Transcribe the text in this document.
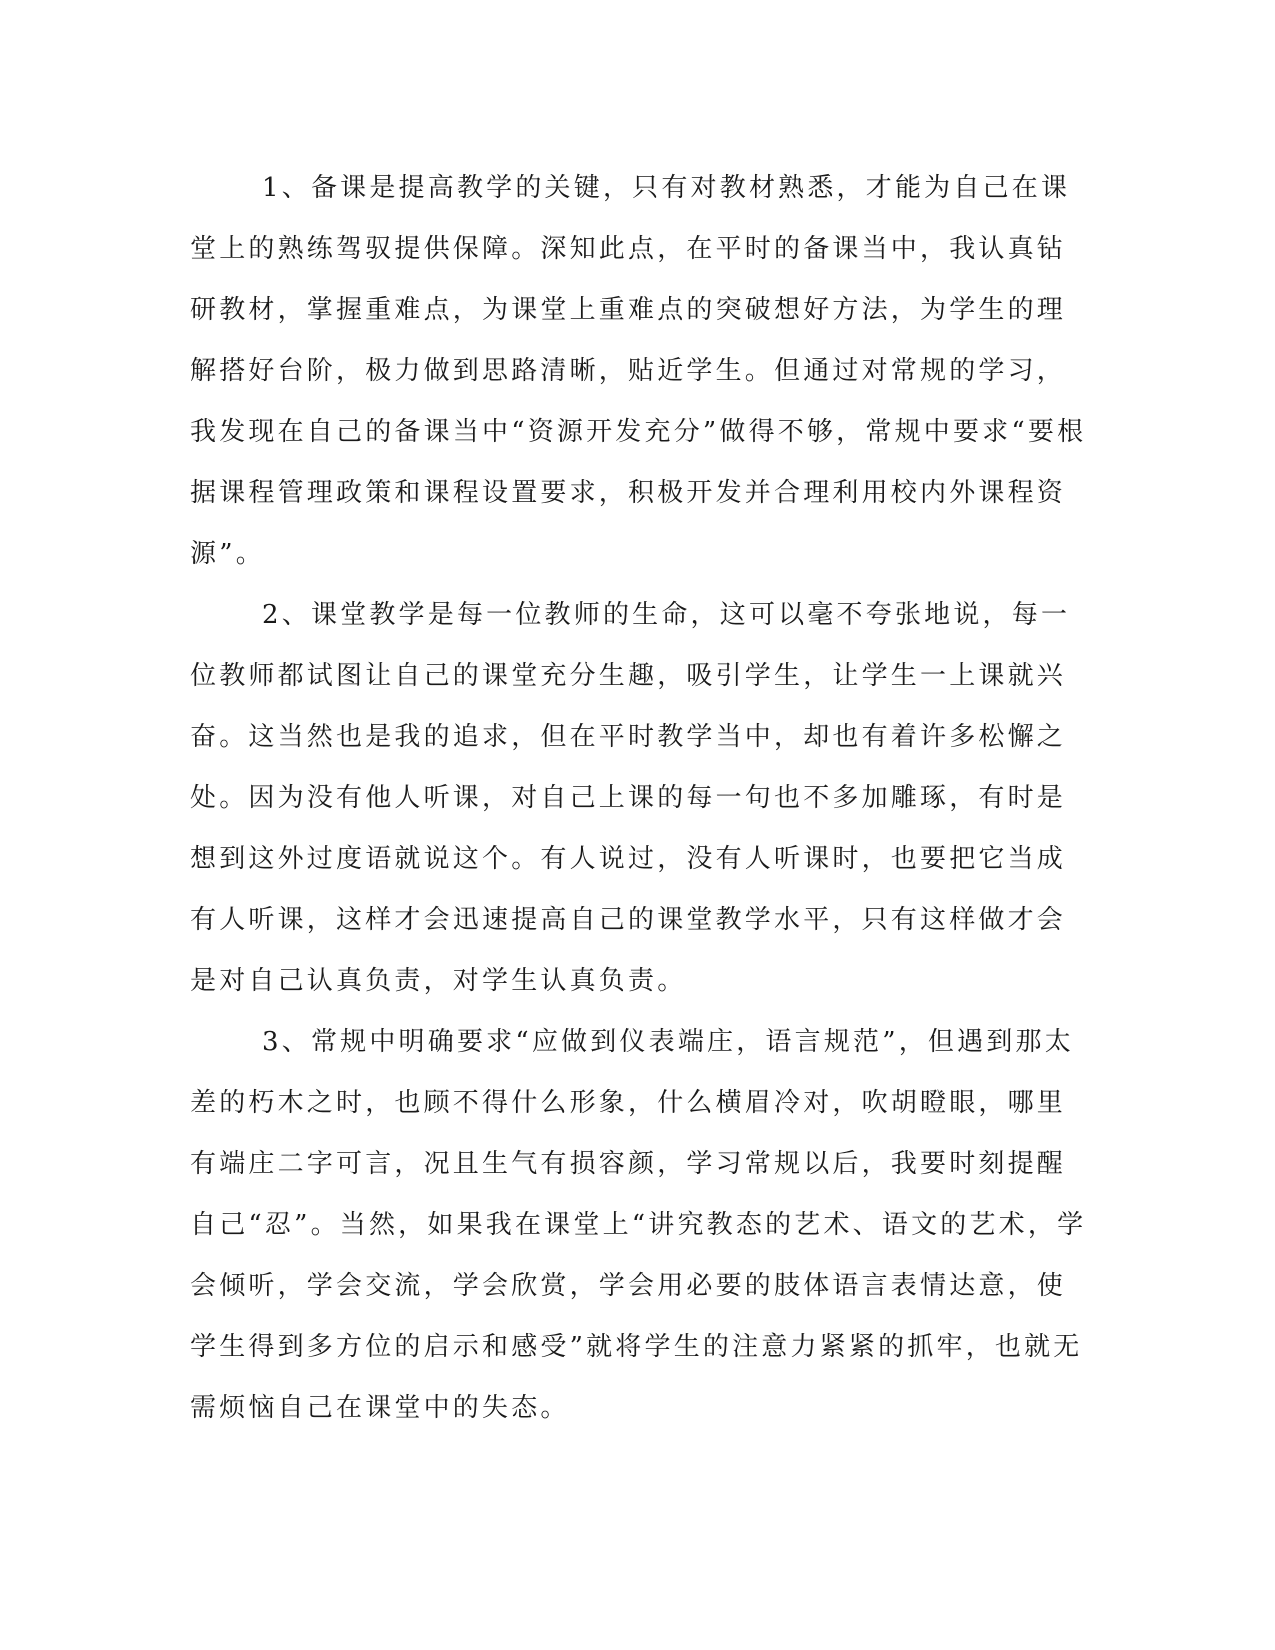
1、备课是提高教学的关键，只有对教材熟悉，才能为自己在课
堂上的熟练驾驭提供保障。深知此点，在平时的备课当中，我认真钻
研教材，掌握重难点，为课堂上重难点的突破想好方法，为学生的理
解搭好台阶，极力做到思路清晰，贴近学生。但通过对常规的学习，
我发现在自己的备课当中“资源开发充分”做得不够，常规中要求“要根
据课程管理政策和课程设置要求，积极开发并合理利用校内外课程资
源”。
2、课堂教学是每一位教师的生命，这可以毫不夸张地说，每一
位教师都试图让自己的课堂充分生趣，吸引学生，让学生一上课就兴
奋。这当然也是我的追求，但在平时教学当中，却也有着许多松懈之
处。因为没有他人听课，对自己上课的每一句也不多加雕琢，有时是
想到这外过度语就说这个。有人说过，没有人听课时，也要把它当成
有人听课，这样才会迅速提高自己的课堂教学水平，只有这样做才会
是对自己认真负责，对学生认真负责。
3、常规中明确要求“应做到仪表端庄，语言规范”，但遇到那太
差的朽木之时，也顾不得什么形象，什么横眉冷对，吹胡瞪眼，哪里
有端庄二字可言，况且生气有损容颜，学习常规以后，我要时刻提醒
自己“忍”。当然，如果我在课堂上“讲究教态的艺术、语文的艺术，学
会倾听，学会交流，学会欣赏，学会用必要的肢体语言表情达意，使
学生得到多方位的启示和感受”就将学生的注意力紧紧的抓牢，也就无
需烦恼自己在课堂中的失态。
